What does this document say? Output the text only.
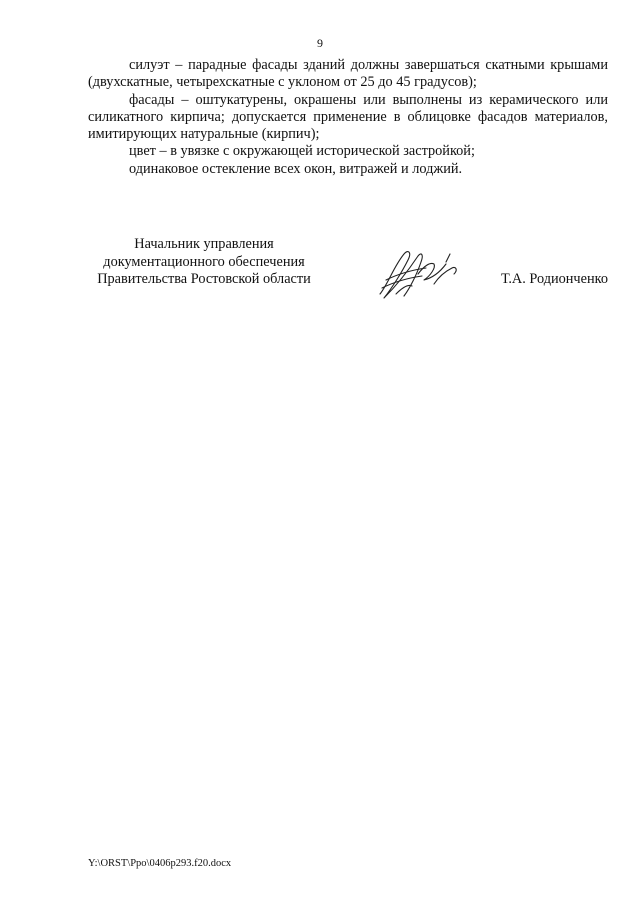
9

силуэт – парадные фасады зданий должны завершаться скатными крышами (двухскатные, четырехскатные с уклоном от 25 до 45 градусов);

фасады – оштукатурены, окрашены или выполнены из керамического или силикатного кирпича; допускается применение в облицовке фасадов материалов, имитирующих натуральные (кирпич);

цвет – в увязке с окружающей исторической застройкой;

одинаковое остекление всех окон, витражей и лоджий.

Начальник управления
документационного обеспечения
Правительства Ростовской области	Т.А. Родионченко
Y:\ORST\Ppo\0406p293.f20.docx
